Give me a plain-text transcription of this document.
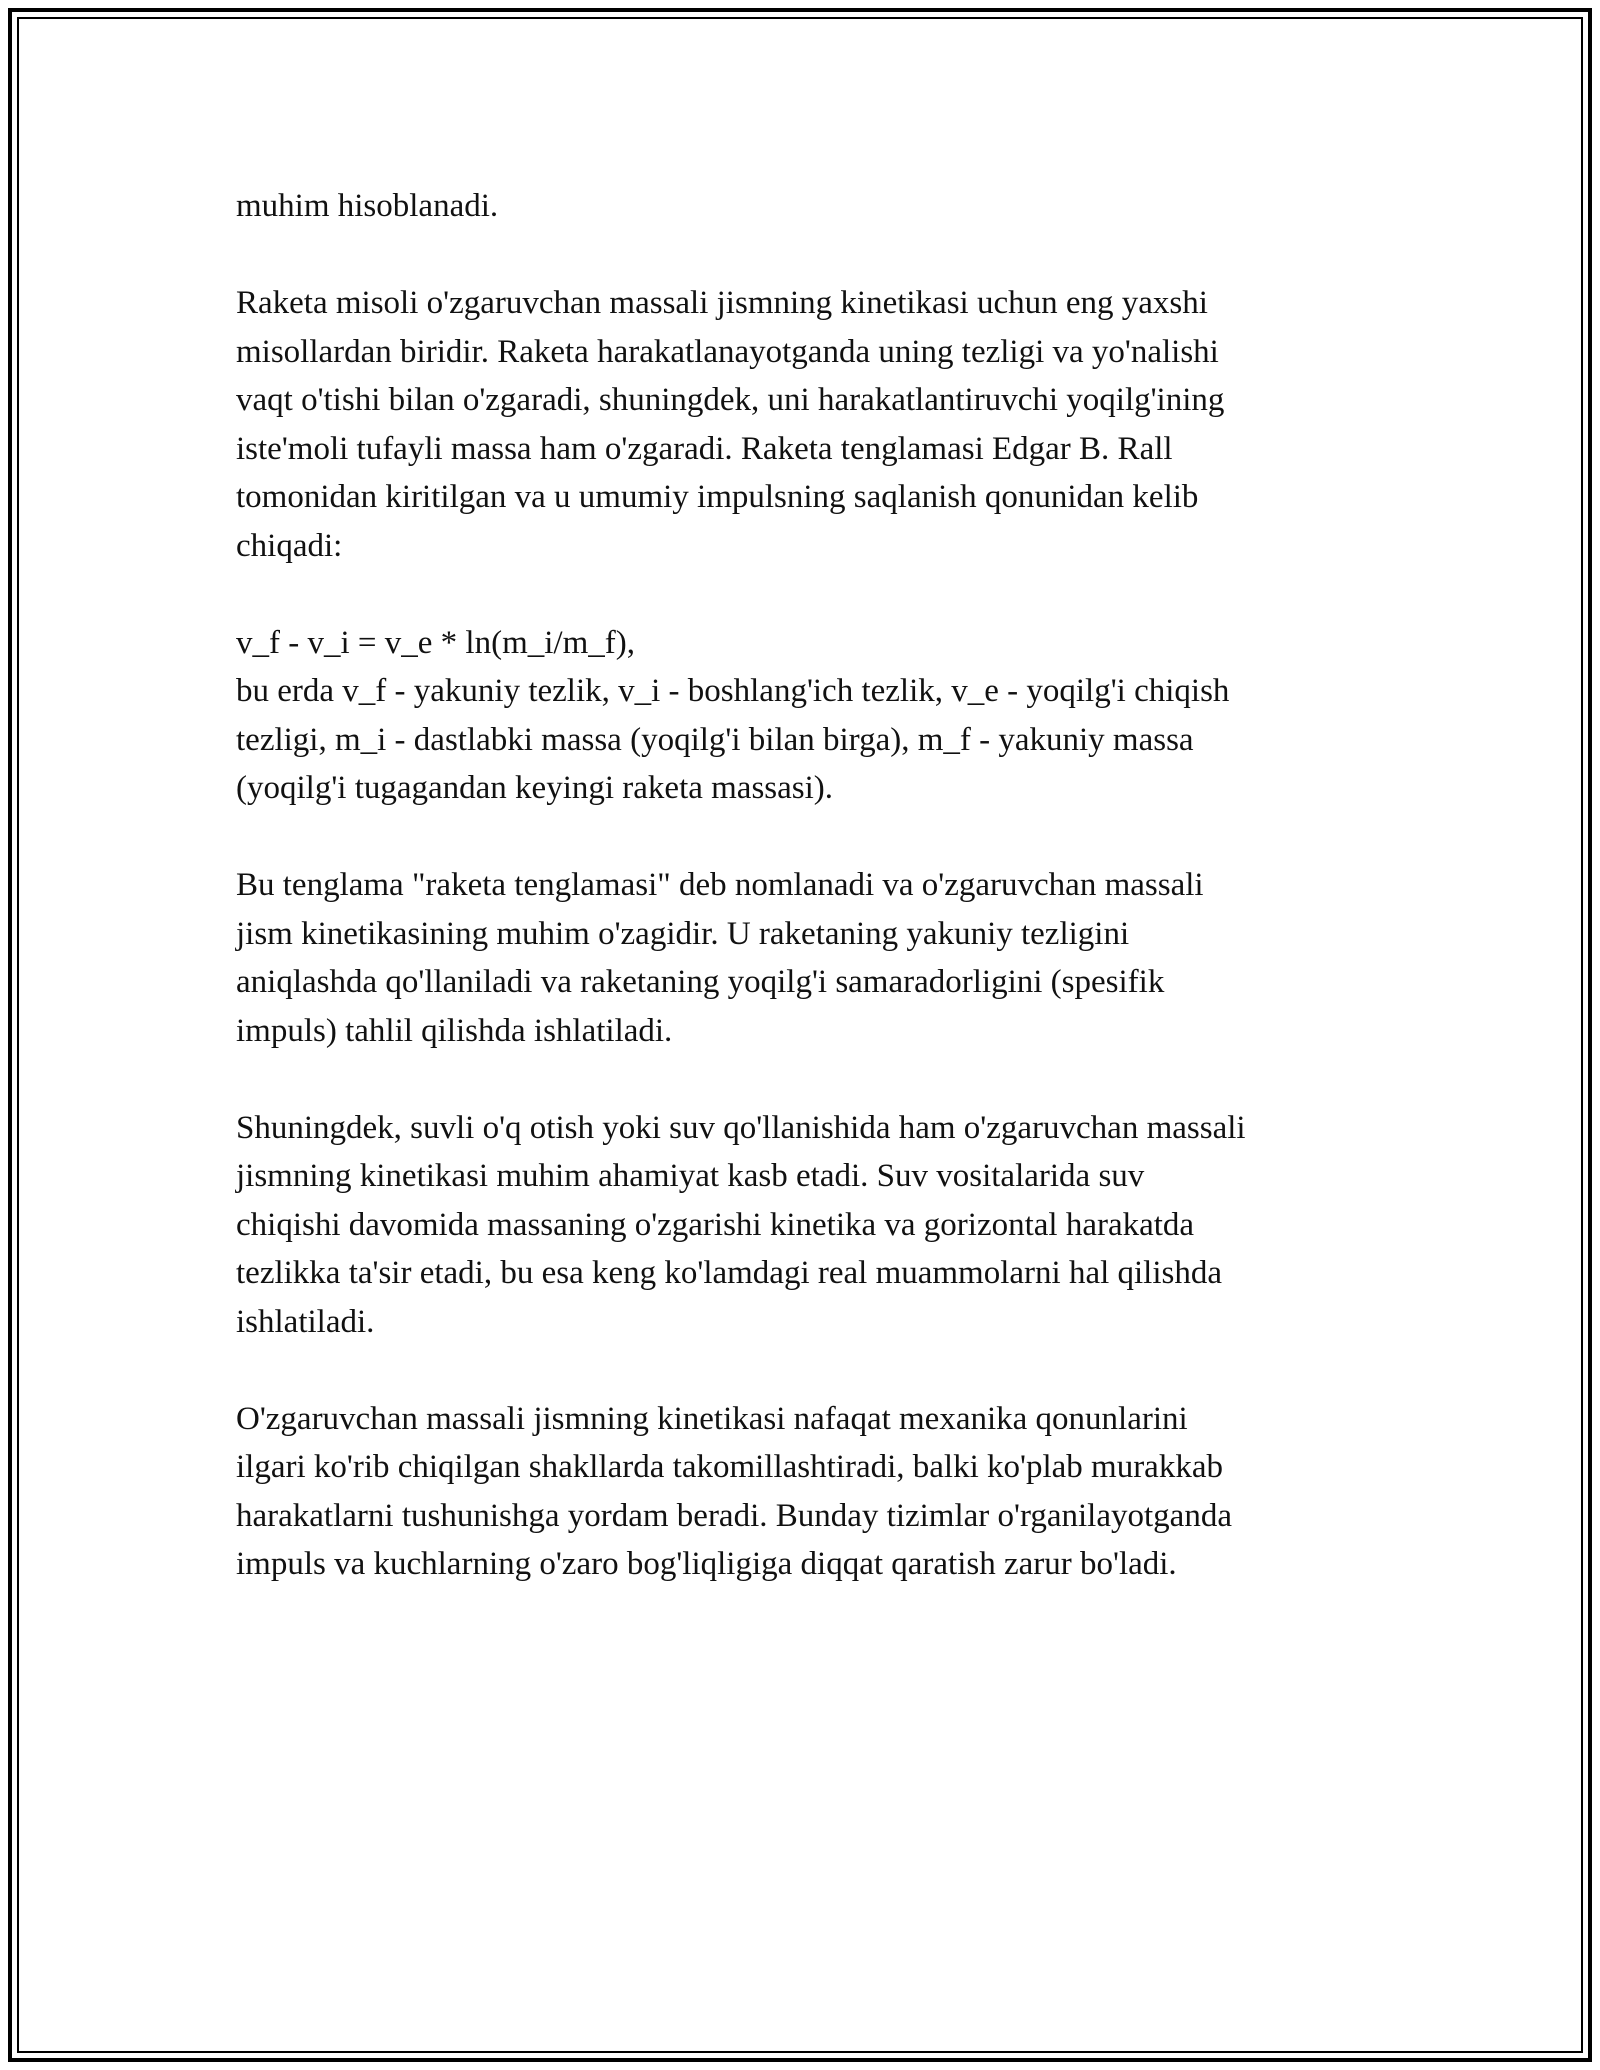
muhim hisoblanadi.

Raketa misoli o'zgaruvchan massali jismning kinetikasi uchun eng yaxshi
misollardan biridir. Raketa harakatlanayotganda uning tezligi va yo'nalishi
vaqt o'tishi bilan o'zgaradi, shuningdek, uni harakatlantiruvchi yoqilg'ining
iste'moli tufayli massa ham o'zgaradi. Raketa tenglamasi Edgar B. Rall
tomonidan kiritilgan va u umumiy impulsning saqlanish qonunidan kelib
chiqadi:

v_f - v_i = v_e * ln(m_i/m_f),
bu erda v_f - yakuniy tezlik, v_i - boshlang'ich tezlik, v_e - yoqilg'i chiqish
tezligi, m_i - dastlabki massa (yoqilg'i bilan birga), m_f - yakuniy massa
(yoqilg'i tugagandan keyingi raketa massasi).

Bu tenglama "raketa tenglamasi" deb nomlanadi va o'zgaruvchan massali
jism kinetikasining muhim o'zagidir. U raketaning yakuniy tezligini
aniqlashda qo'llaniladi va raketaning yoqilg'i samaradorligini (spesifik
impuls) tahlil qilishda ishlatiladi.

Shuningdek, suvli o'q otish yoki suv qo'llanishida ham o'zgaruvchan massali
jismning kinetikasi muhim ahamiyat kasb etadi. Suv vositalarida suv
chiqishi davomida massaning o'zgarishi kinetika va gorizontal harakatda
tezlikka ta'sir etadi, bu esa keng ko'lamdagi real muammolarni hal qilishda
ishlatiladi.

O'zgaruvchan massali jismning kinetikasi nafaqat mexanika qonunlarini
ilgari ko'rib chiqilgan shakllarda takomillashtiradi, balki ko'plab murakkab
harakatlarni tushunishga yordam beradi. Bunday tizimlar o'rganilayotganda
impuls va kuchlarning o'zaro bog'liqligiga diqqat qaratish zarur bo'ladi.
